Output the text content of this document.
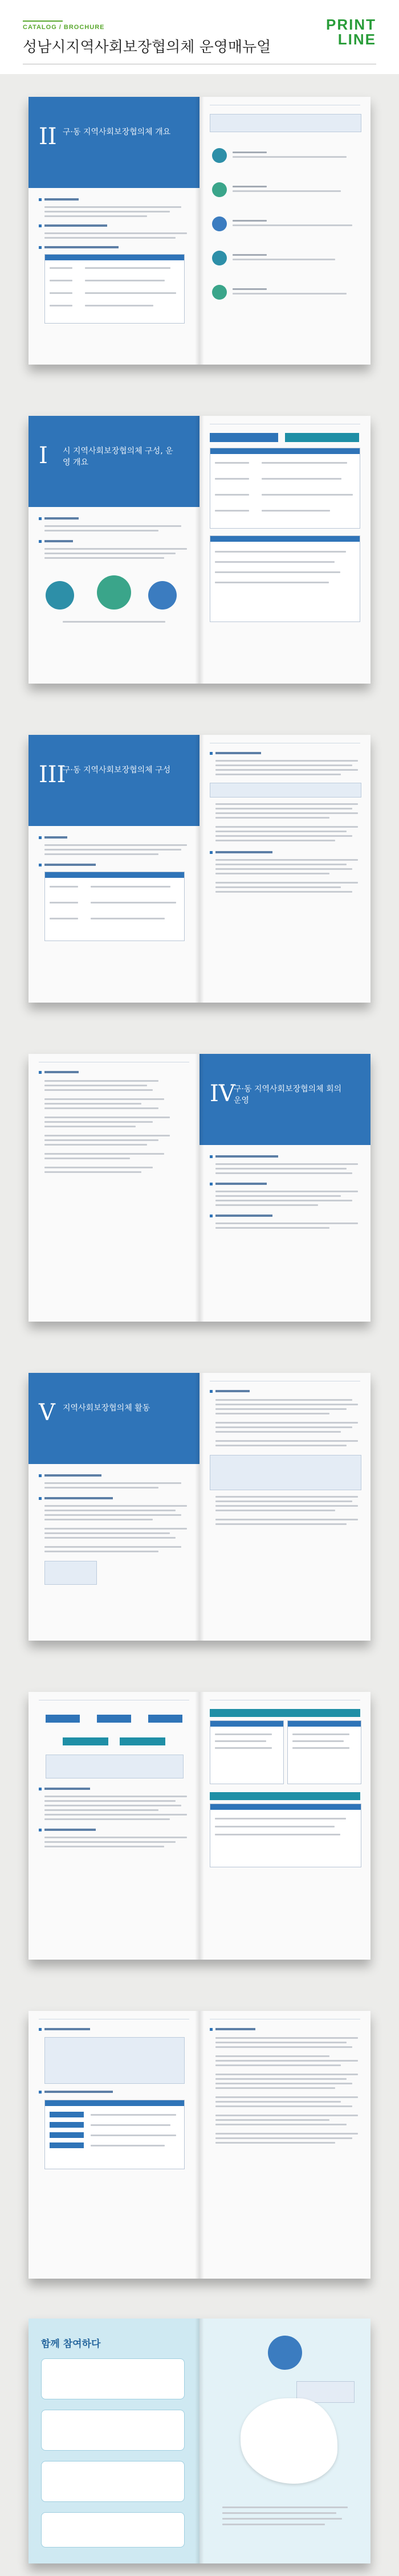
CATALOG / BROCHURE
성남시지역사회보장협의체 운영매뉴얼
PRINT
LINE
II 구·동 지역사회보장협의체 개요
I 시 지역사회보장협의체 구성, 운영 개요
III
구·동 지역사회보장협의체 구성
IV
구·동 지역사회보장협의체 회의 운영
V 지역사회보장협의체 활동
함께 참여하다
